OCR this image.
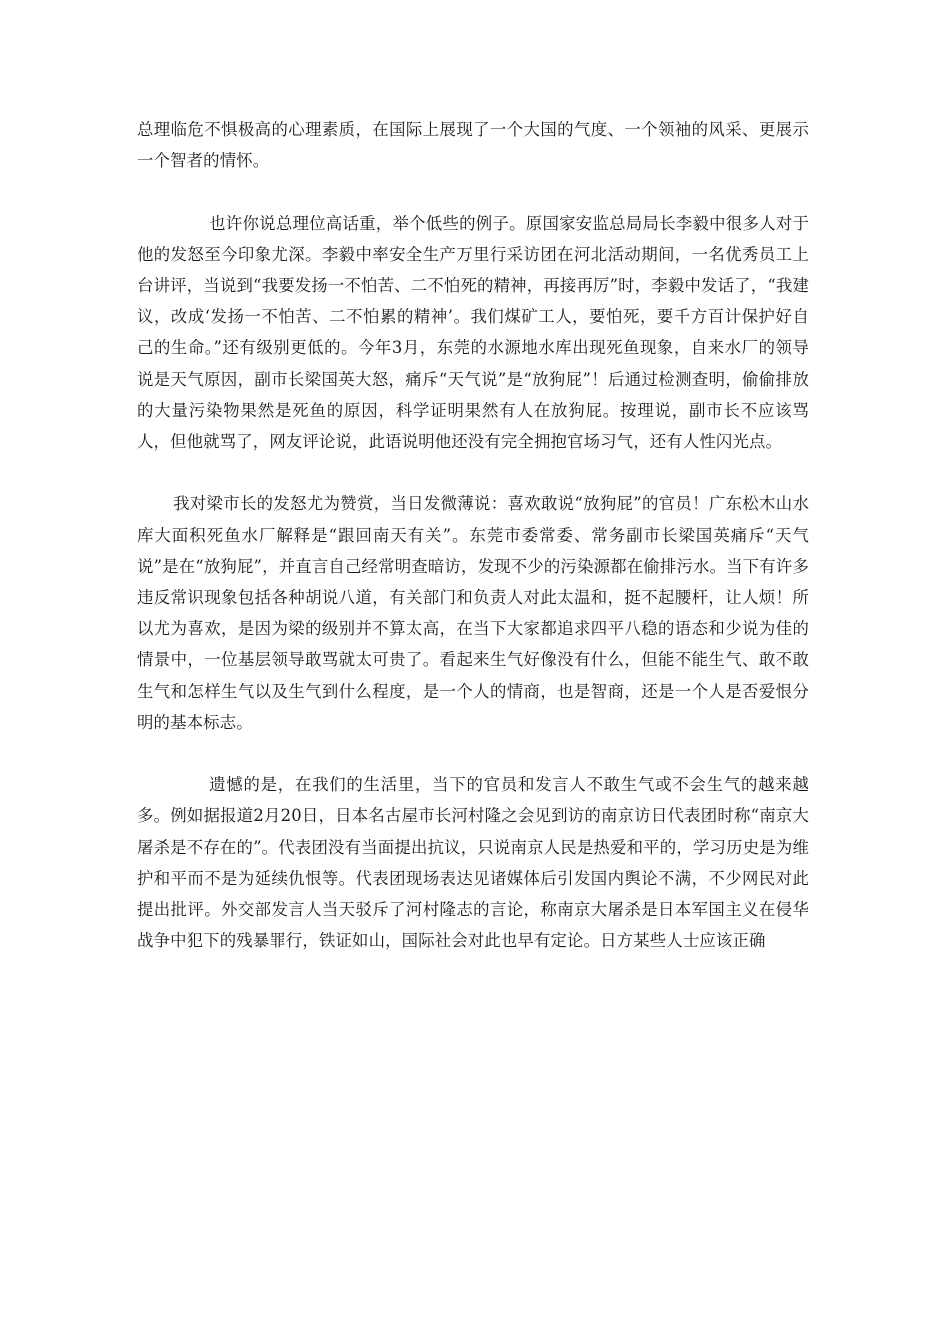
总理临危不惧极高的心理素质，在国际上展现了一个大国的气度、一个领袖的风采、更展示一个智者的情怀。

也许你说总理位高话重，举个低些的例子。原国家安监总局局长李毅中很多人对于他的发怒至今印象尤深。李毅中率安全生产万里行采访团在河北活动期间，一名优秀员工上台讲评，当说到“我要发扬一不怕苦、二不怕死的精神，再接再厉”时，李毅中发话了，“我建议，改成‘发扬一不怕苦、二不怕累的精神’。我们煤矿工人，要怕死，要千方百计保护好自己的生命。”还有级别更低的。今年3月，东莞的水源地水库出现死鱼现象，自来水厂的领导说是天气原因，副市长梁国英大怒，痛斥“天气说”是“放狗屁”！后通过检测查明，偷偷排放的大量污染物果然是死鱼的原因，科学证明果然有人在放狗屁。按理说，副市长不应该骂人，但他就骂了，网友评论说，此语说明他还没有完全拥抱官场习气，还有人性闪光点。

我对梁市长的发怒尤为赞赏，当日发微薄说：喜欢敢说“放狗屁”的官员！广东松木山水库大面积死鱼水厂解释是“跟回南天有关”。东莞市委常委、常务副市长梁国英痛斥“天气说”是在“放狗屁”，并直言自己经常明查暗访，发现不少的污染源都在偷排污水。当下有许多违反常识现象包括各种胡说八道，有关部门和负责人对此太温和，挺不起腰杆，让人烦！所以尤为喜欢，是因为梁的级别并不算太高，在当下大家都追求四平八稳的语态和少说为佳的情景中，一位基层领导敢骂就太可贵了。看起来生气好像没有什么，但能不能生气、敢不敢生气和怎样生气以及生气到什么程度，是一个人的情商，也是智商，还是一个人是否爱恨分明的基本标志。

遗憾的是，在我们的生活里，当下的官员和发言人不敢生气或不会生气的越来越多。例如据报道2月20日，日本名古屋市长河村隆之会见到访的南京访日代表团时称“南京大屠杀是不存在的”。代表团没有当面提出抗议，只说南京人民是热爱和平的，学习历史是为维护和平而不是为延续仇恨等。代表团现场表达见诸媒体后引发国内舆论不满，不少网民对此提出批评。外交部发言人当天驳斥了河村隆志的言论，称南京大屠杀是日本军国主义在侵华战争中犯下的残暴罪行，铁证如山，国际社会对此也早有定论。日方某些人士应该正确
